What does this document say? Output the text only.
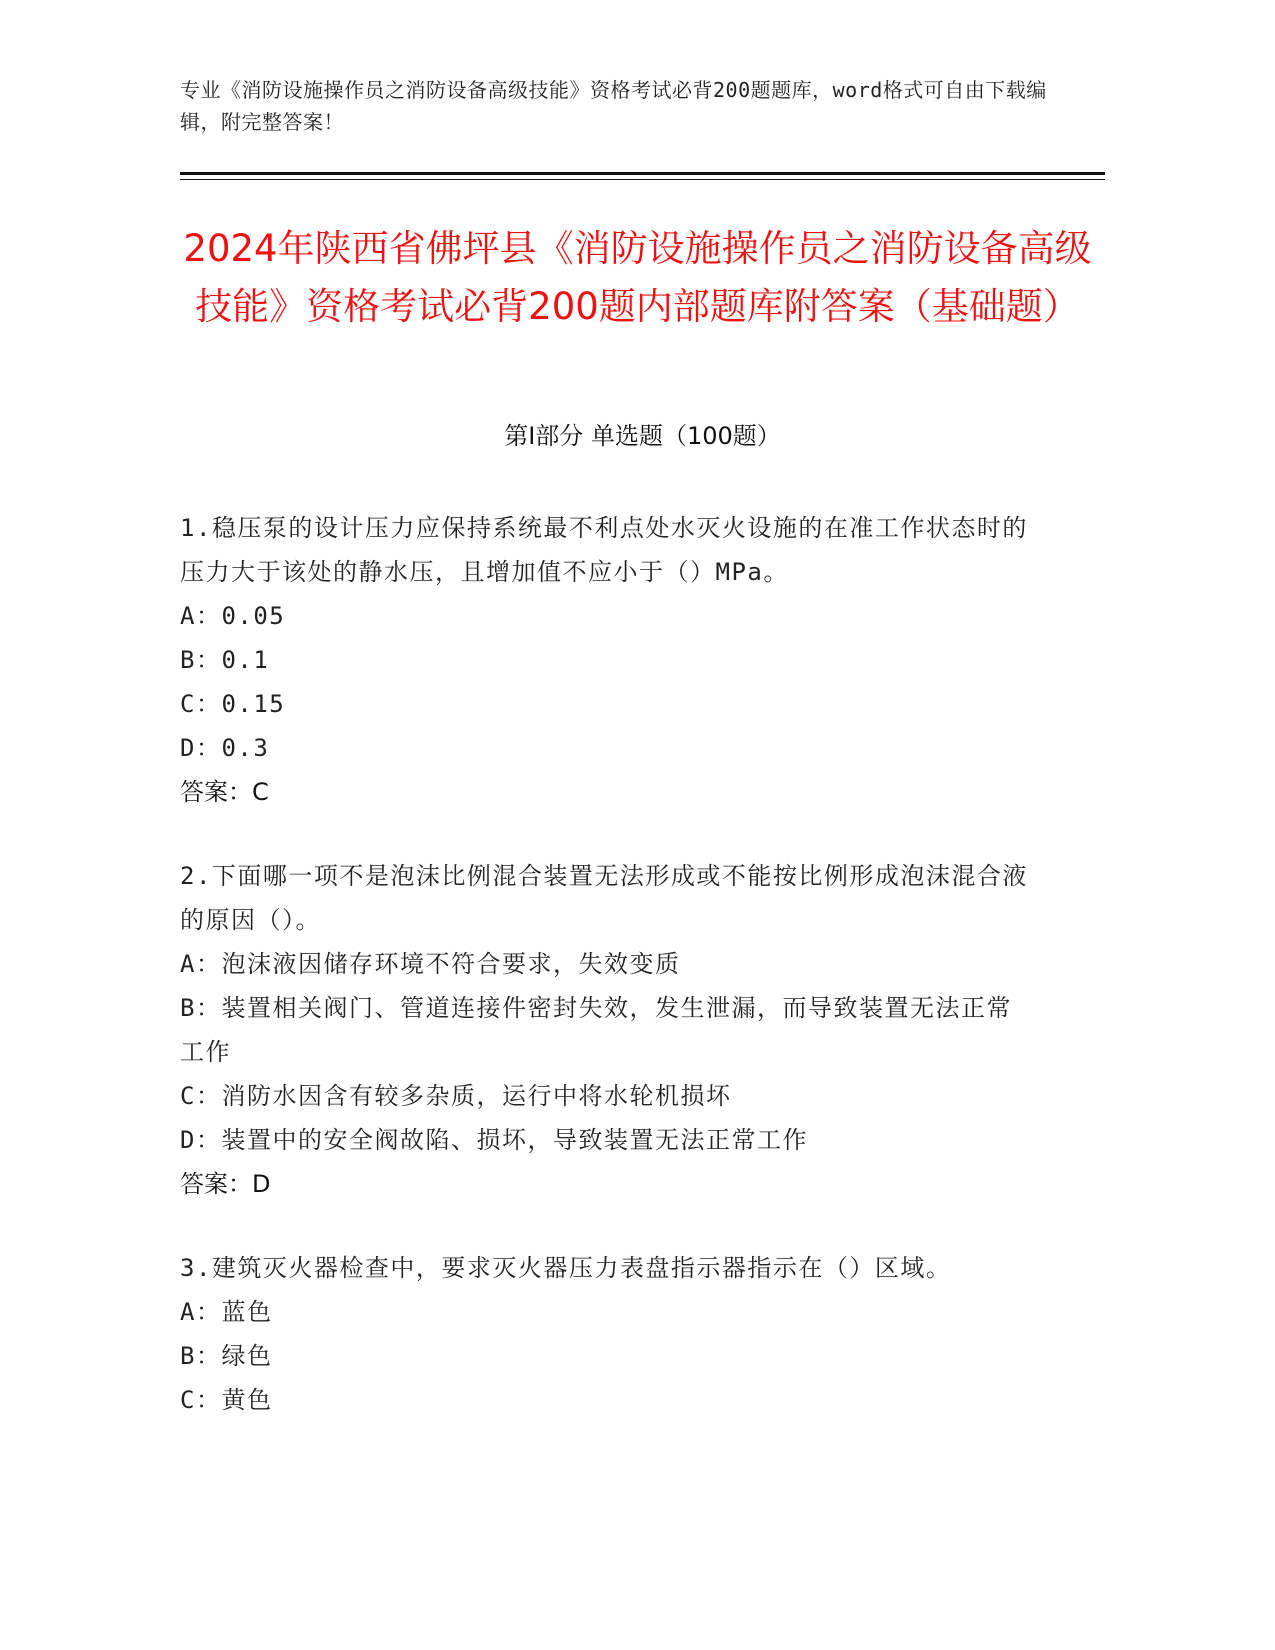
专业《消防设施操作员之消防设备高级技能》资格考试必背200题题库，word格式可自由下载编辑，附完整答案！
2024年陕西省佛坪县《消防设施操作员之消防设备高级技能》资格考试必背200题内部题库附答案（基础题）
第Ⅰ部分 单选题（100题）

1.稳压泵的设计压力应保持系统最不利点处水灭火设施的在准工作状态时的压力大于该处的静水压，且增加值不应小于（）MPa。

A：0.05

B：0.1

C：0.15

D：0.3

答案：C

2.下面哪一项不是泡沫比例混合装置无法形成或不能按比例形成泡沫混合液的原因（）。

A：泡沫液因储存环境不符合要求，失效变质

B：装置相关阀门、管道连接件密封失效，发生泄漏，而导致装置无法正常工作

C：消防水因含有较多杂质，运行中将水轮机损坏

D：装置中的安全阀故陷、损坏，导致装置无法正常工作

答案：D

3.建筑灭火器检查中，要求灭火器压力表盘指示器指示在（）区域。

A：蓝色

B：绿色

C：黄色
